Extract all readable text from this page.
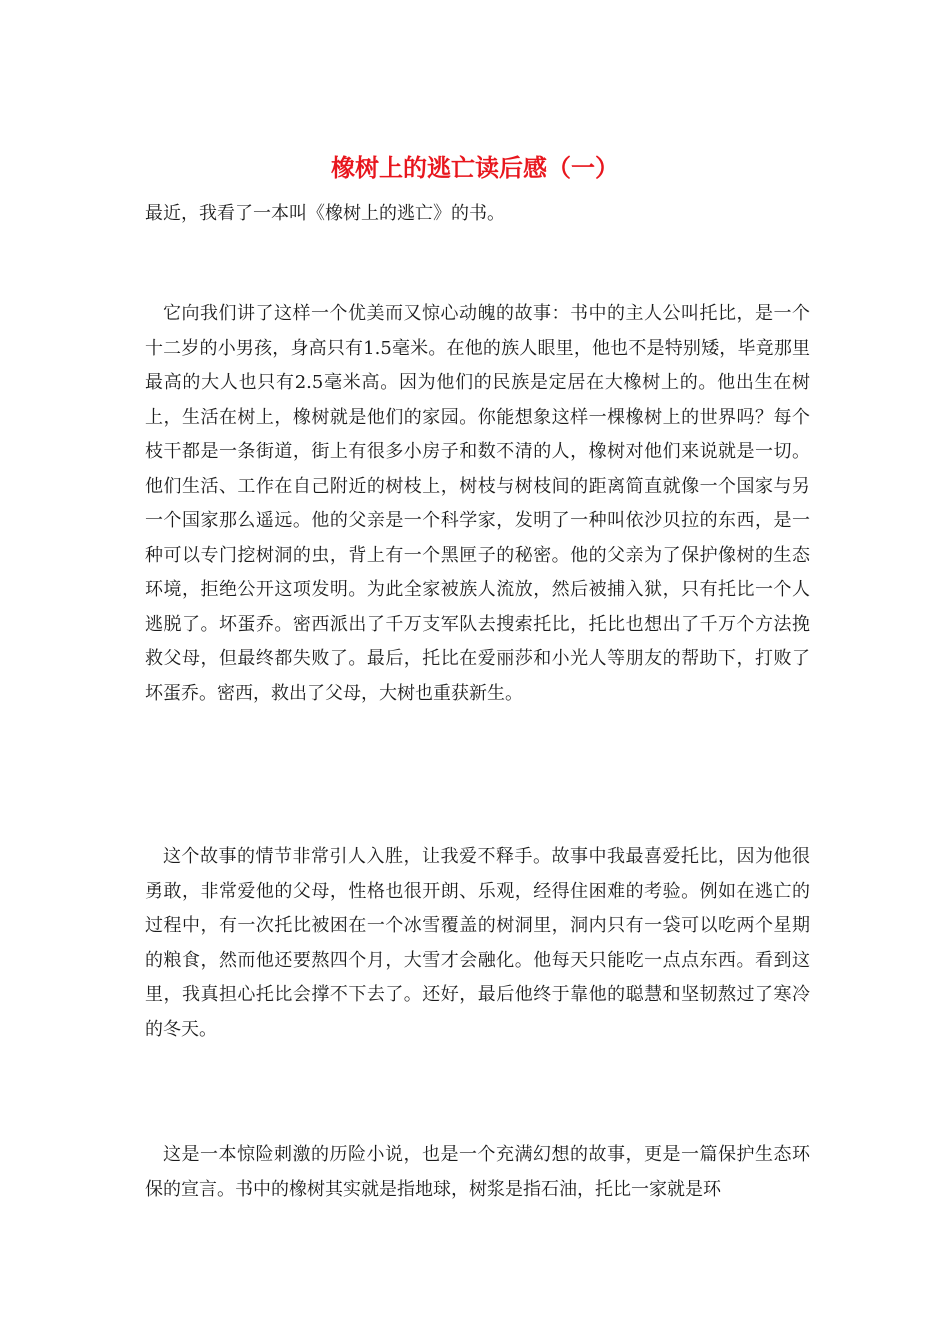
橡树上的逃亡读后感（一）

最近，我看了一本叫《橡树上的逃亡》的书。

它向我们讲了这样一个优美而又惊心动魄的故事：书中的主人公叫托比，是一个十二岁的小男孩，身高只有1.5毫米。在他的族人眼里，他也不是特别矮，毕竟那里最高的大人也只有2.5毫米高。因为他们的民族是定居在大橡树上的。他出生在树上，生活在树上，橡树就是他们的家园。你能想象这样一棵橡树上的世界吗？每个枝干都是一条街道，街上有很多小房子和数不清的人，橡树对他们来说就是一切。他们生活、工作在自己附近的树枝上，树枝与树枝间的距离简直就像一个国家与另一个国家那么遥远。他的父亲是一个科学家，发明了一种叫依沙贝拉的东西，是一种可以专门挖树洞的虫，背上有一个黑匣子的秘密。他的父亲为了保护像树的生态环境，拒绝公开这项发明。为此全家被族人流放，然后被捕入狱，只有托比一个人逃脱了。坏蛋乔。密西派出了千万支军队去搜索托比，托比也想出了千万个方法挽救父母，但最终都失败了。最后，托比在爱丽莎和小光人等朋友的帮助下，打败了坏蛋乔。密西，救出了父母，大树也重获新生。

这个故事的情节非常引人入胜，让我爱不释手。故事中我最喜爱托比，因为他很勇敢，非常爱他的父母，性格也很开朗、乐观，经得住困难的考验。例如在逃亡的过程中，有一次托比被困在一个冰雪覆盖的树洞里，洞内只有一袋可以吃两个星期的粮食，然而他还要熬四个月，大雪才会融化。他每天只能吃一点点东西。看到这里，我真担心托比会撑不下去了。还好，最后他终于靠他的聪慧和坚韧熬过了寒冷的冬天。

这是一本惊险刺激的历险小说，也是一个充满幻想的故事，更是一篇保护生态环保的宣言。书中的橡树其实就是指地球，树浆是指石油，托比一家就是环
